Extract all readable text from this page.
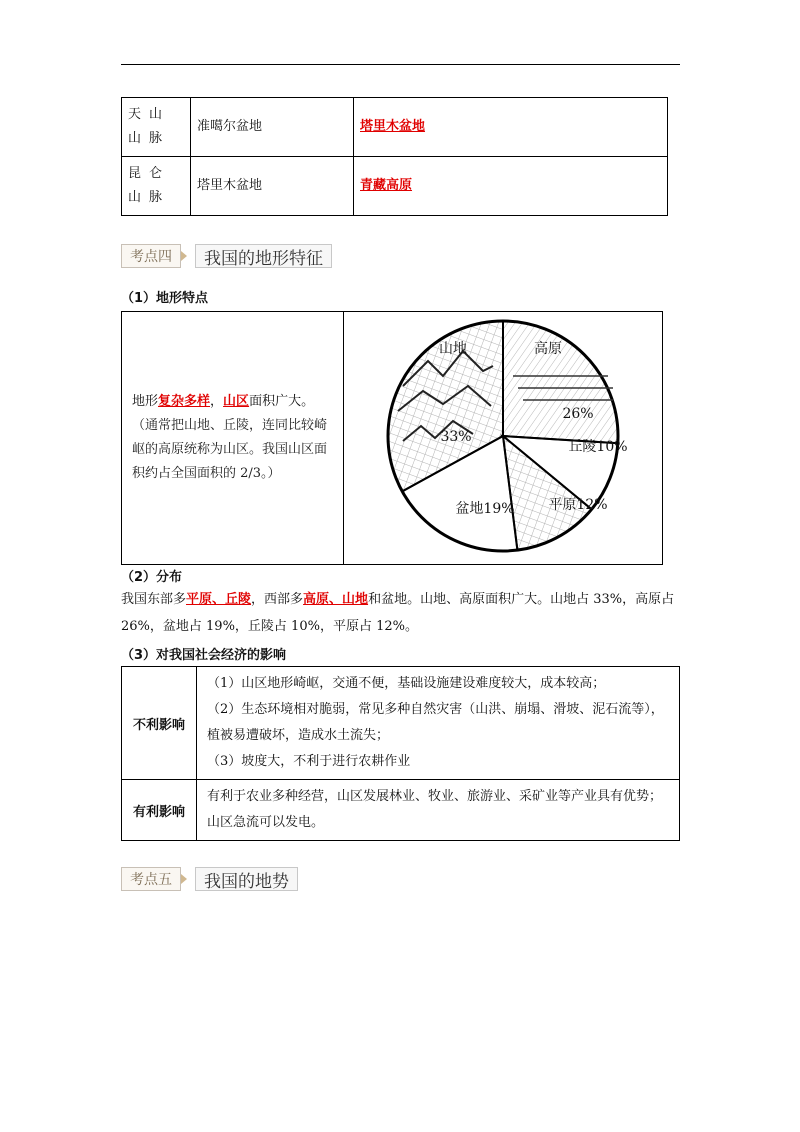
天山山脉	准噶尔盆地	塔里木盆地
昆仑山脉	塔里木盆地	青藏高原
考点四	我国的地形特征
（1）地形特点
地形复杂多样，山区面积广大。
（通常把山地、丘陵，连同比较崎岖的高原统称为山区。我国山区面积约占全国面积的 2/3。）	
山地	高原
26%
33%
丘陵10%
平原12%
盆地19%
（2）分布
我国东部多平原、丘陵，西部多高原、山地和盆地。山地、高原面积广大。山地占 33%，高原占 26%，盆地占 19%，丘陵占 10%，平原占 12%。
（3）对我国社会经济的影响
不利影响	（1）山区地形崎岖，交通不便，基础设施建设难度较大，成本较高；
（2）生态环境相对脆弱，常见多种自然灾害（山洪、崩塌、滑坡、泥石流等），植被易遭破坏，造成水土流失；
（3）坡度大，不利于进行农耕作业

有利影响	有利于农业多种经营，山区发展林业、牧业、旅游业、采矿业等产业具有优势；山区急流可以发电。
考点五	我国的地势
